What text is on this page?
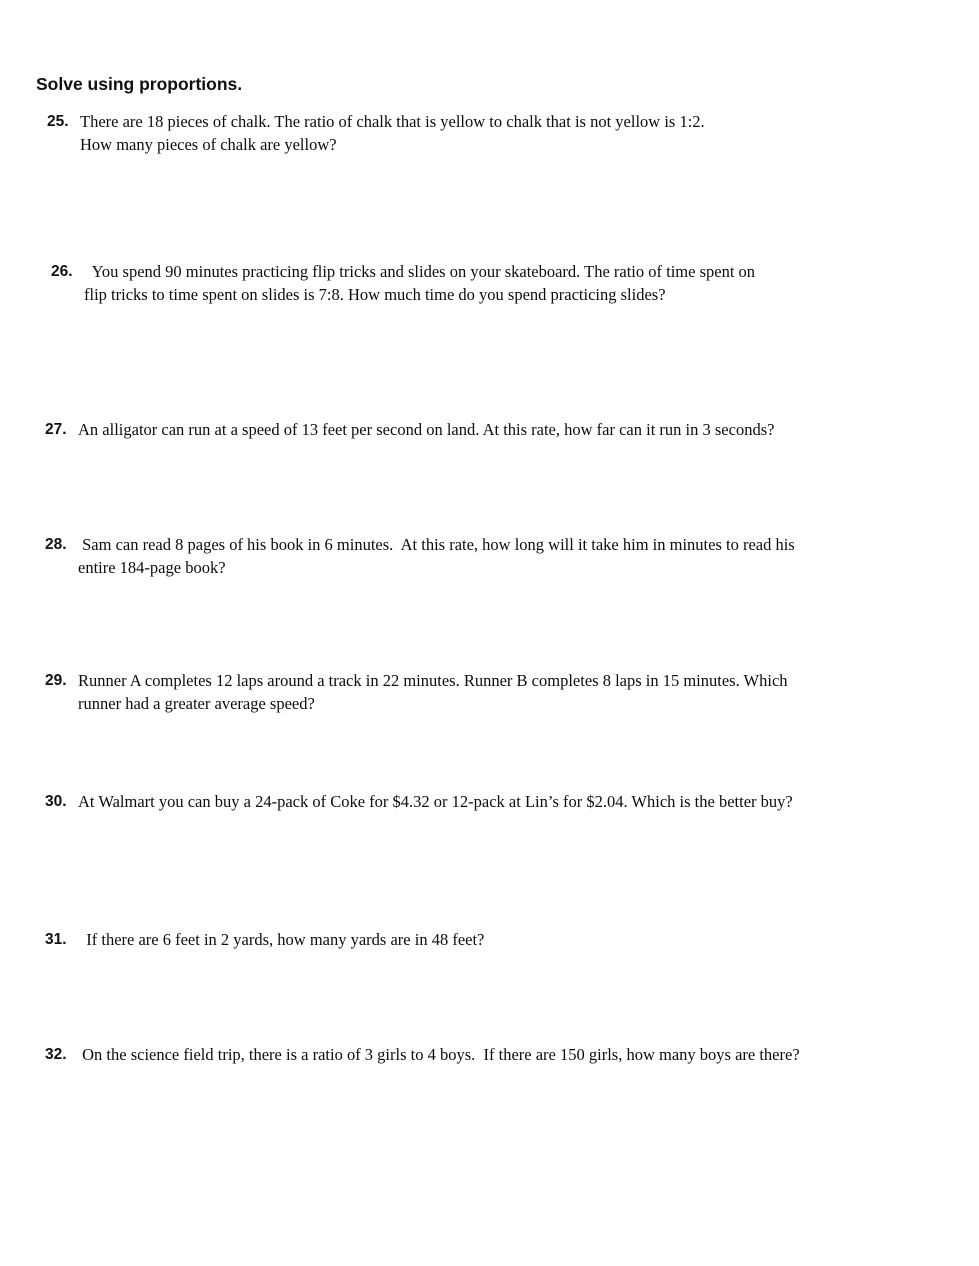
Solve using proportions.
25. There are 18 pieces of chalk. The ratio of chalk that is yellow to chalk that is not yellow is 1:2.
How many pieces of chalk are yellow?
26. You spend 90 minutes practicing flip tricks and slides on your skateboard. The ratio of time spent on
flip tricks to time spent on slides is 7:8. How much time do you spend practicing slides?
27. An alligator can run at a speed of 13 feet per second on land. At this rate, how far can it run in 3 seconds?
28. Sam can read 8 pages of his book in 6 minutes.  At this rate, how long will it take him in minutes to read his
entire 184-page book?
29. Runner A completes 12 laps around a track in 22 minutes. Runner B completes 8 laps in 15 minutes. Which
runner had a greater average speed?
30. At Walmart you can buy a 24-pack of Coke for $4.32 or 12-pack at Lin’s for $2.04. Which is the better buy?
31. If there are 6 feet in 2 yards, how many yards are in 48 feet?
32. On the science field trip, there is a ratio of 3 girls to 4 boys.  If there are 150 girls, how many boys are there?
